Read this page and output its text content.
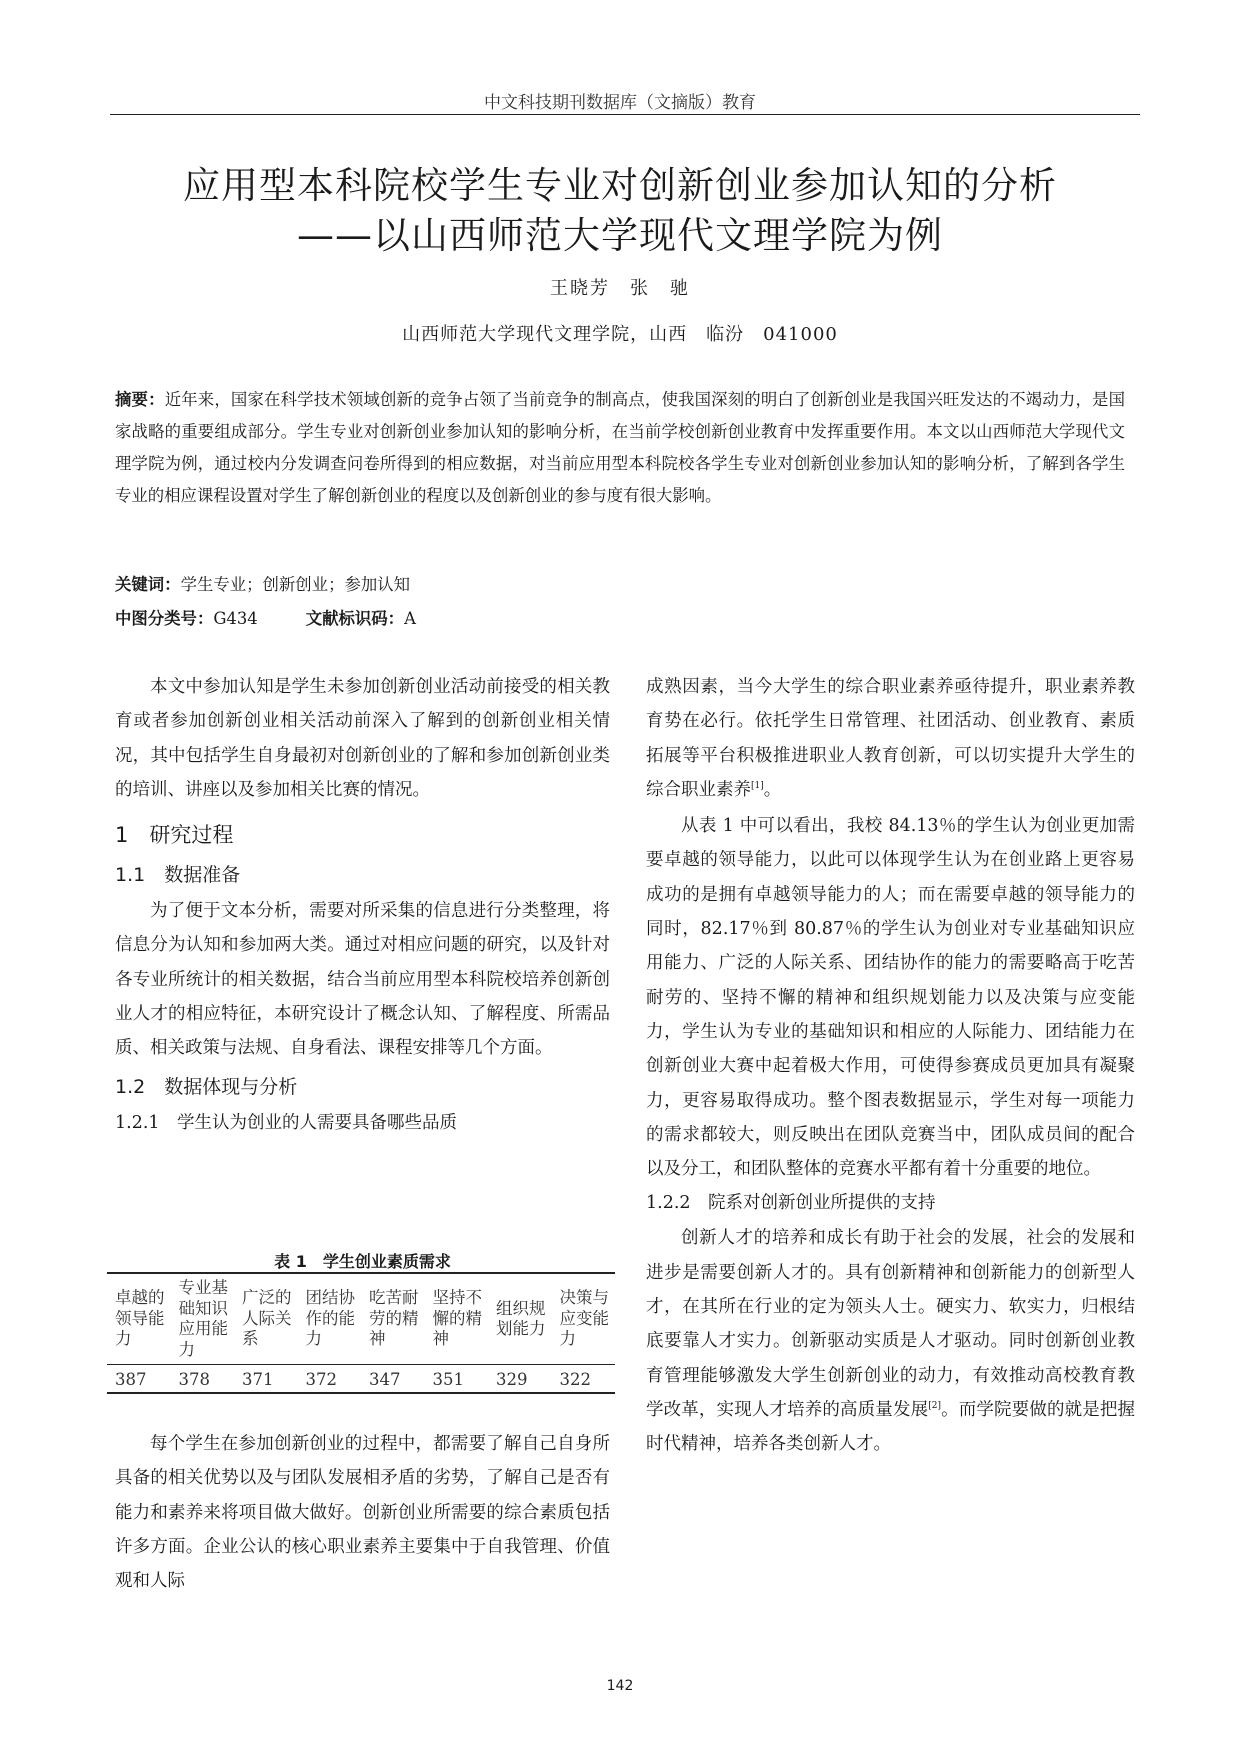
中文科技期刊数据库（文摘版）教育
应用型本科院校学生专业对创新创业参加认知的分析
——以山西师范大学现代文理学院为例
王晓芳　张　驰
山西师范大学现代文理学院，山西　临汾　041000
摘要：近年来，国家在科学技术领域创新的竞争占领了当前竞争的制高点，使我国深刻的明白了创新创业是我国兴旺发达的不竭动力，是国家战略的重要组成部分。学生专业对创新创业参加认知的影响分析，在当前学校创新创业教育中发挥重要作用。本文以山西师范大学现代文理学院为例，通过校内分发调查问卷所得到的相应数据，对当前应用型本科院校各学生专业对创新创业参加认知的影响分析，了解到各学生专业的相应课程设置对学生了解创新创业的程度以及创新创业的参与度有很大影响。
关键词：学生专业；创新创业；参加认知
中图分类号：G434	文献标识码：A

本文中参加认知是学生未参加创新创业活动前接受的相关教育或者参加创新创业相关活动前深入了解到的创新创业相关情况，其中包括学生自身最初对创新创业的了解和参加创新创业类的培训、讲座以及参加相关比赛的情况。

1　研究过程

1.1　数据准备

为了便于文本分析，需要对所采集的信息进行分类整理，将信息分为认知和参加两大类。通过对相应问题的研究，以及针对各专业所统计的相关数据，结合当前应用型本科院校培养创新创业人才的相应特征，本研究设计了概念认知、了解程度、所需品质、相关政策与法规、自身看法、课程安排等几个方面。

1.2　数据体现与分析

1.2.1　学生认为创业的人需要具备哪些品质

表 1　学生创业素质需求
卓越的领导能力	专业基础知识应用能力	广泛的人际关系	团结协作的能力	吃苦耐劳的精神	坚持不懈的精神	组织规划能力	决策与应变能力
387	378	371	372	347	351	329	322

每个学生在参加创新创业的过程中，都需要了解自己自身所具备的相关优势以及与团队发展相矛盾的劣势，了解自己是否有能力和素养来将项目做大做好。创新创业所需要的综合素质包括许多方面。企业公认的核心职业素养主要集中于自我管理、价值观和人际

成熟因素，当今大学生的综合职业素养亟待提升，职业素养教育势在必行。依托学生日常管理、社团活动、创业教育、素质拓展等平台积极推进职业人教育创新，可以切实提升大学生的综合职业素养[1]。

从表 1 中可以看出，我校 84.13％的学生认为创业更加需要卓越的领导能力，以此可以体现学生认为在创业路上更容易成功的是拥有卓越领导能力的人；而在需要卓越的领导能力的同时，82.17％到 80.87％的学生认为创业对专业基础知识应用能力、广泛的人际关系、团结协作的能力的需要略高于吃苦耐劳的、坚持不懈的精神和组织规划能力以及决策与应变能力，学生认为专业的基础知识和相应的人际能力、团结能力在创新创业大赛中起着极大作用，可使得参赛成员更加具有凝聚力，更容易取得成功。整个图表数据显示，学生对每一项能力的需求都较大，则反映出在团队竞赛当中，团队成员间的配合以及分工，和团队整体的竞赛水平都有着十分重要的地位。

1.2.2　院系对创新创业所提供的支持

创新人才的培养和成长有助于社会的发展，社会的发展和进步是需要创新人才的。具有创新精神和创新能力的创新型人才，在其所在行业的定为领头人士。硬实力、软实力，归根结底要靠人才实力。创新驱动实质是人才驱动。同时创新创业教育管理能够激发大学生创新创业的动力，有效推动高校教育教学改革，实现人才培养的高质量发展[2]。而学院要做的就是把握时代精神，培养各类创新人才。

142
